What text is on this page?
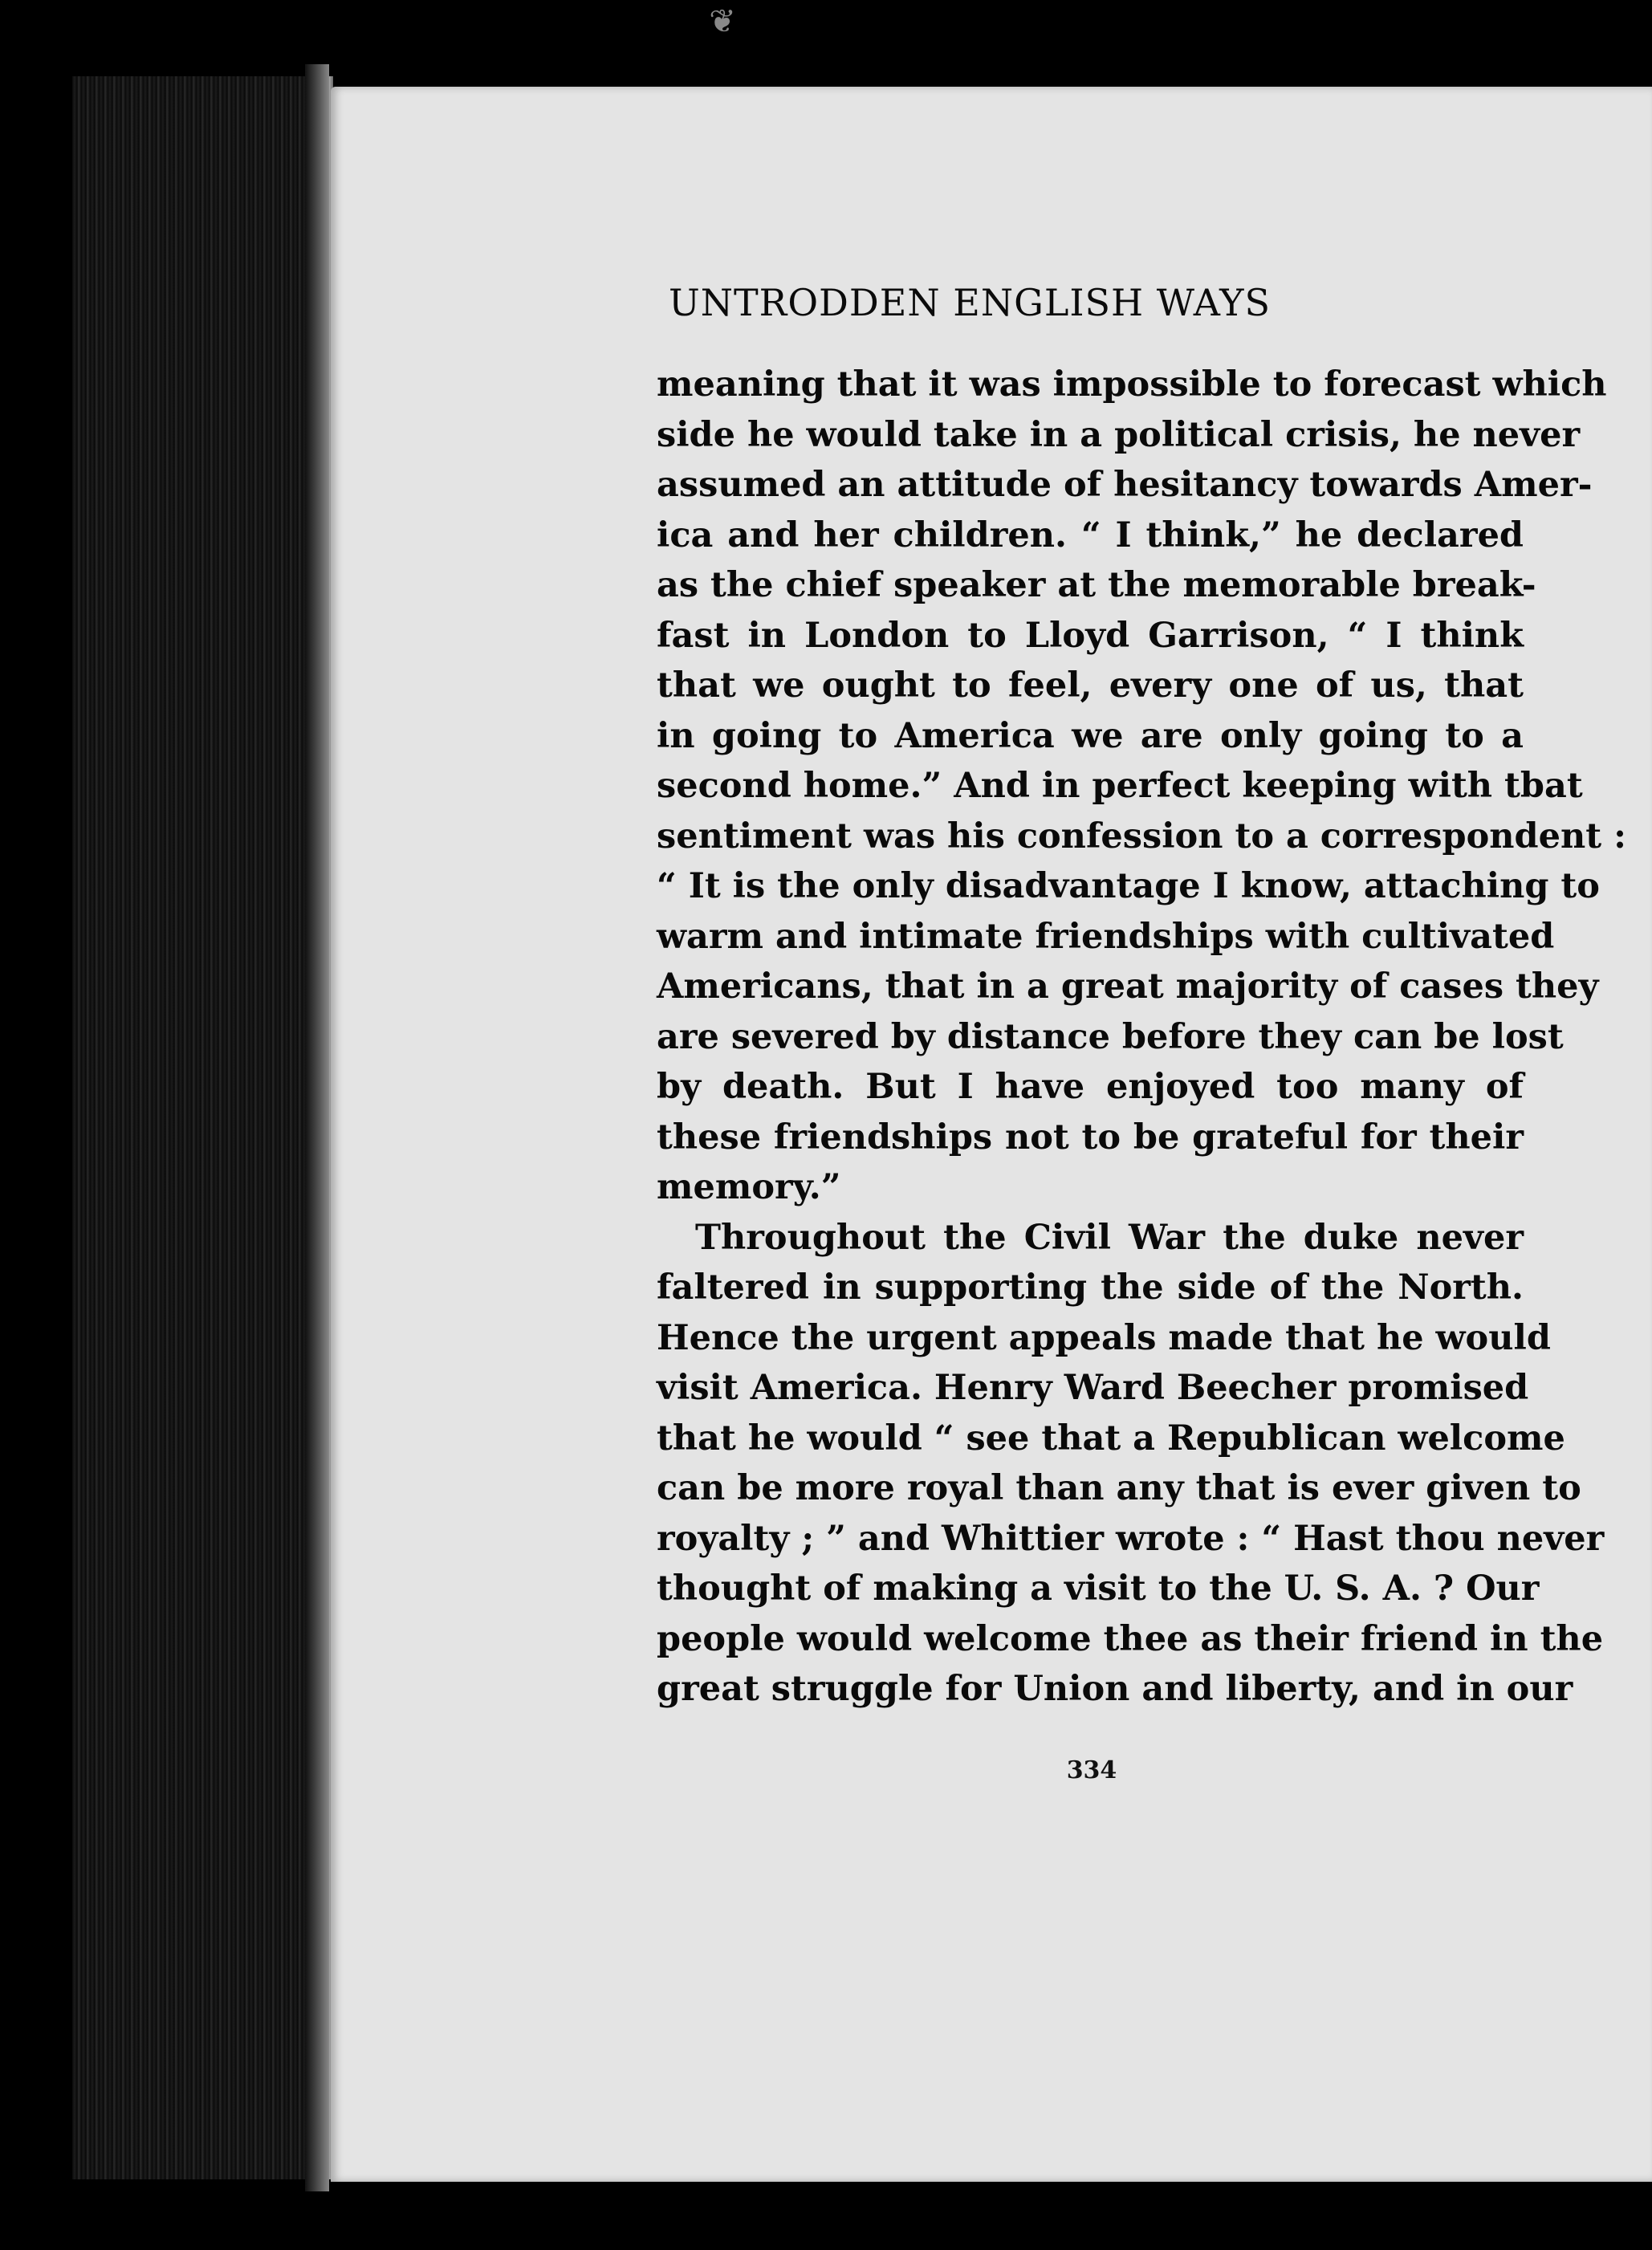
❦
UNTRODDEN ENGLISH WAYS
meaning that it was impossible to forecast which
side he would take in a political crisis, he never
assumed an attitude of hesitancy towards Amer-
ica and her children. “ I think,” he declared
as the chief speaker at the memorable break-
fast in London to Lloyd Garrison, “ I think
that we ought to feel, every one of us, that
in going to America we are only going to a
second home.” And in perfect keeping with tbat
sentiment was his confession to a correspondent :
“ It is the only disadvantage I know, attaching to
warm and intimate friendships with cultivated
Americans, that in a great majority of cases they
are severed by distance before they can be lost
by death. But I have enjoyed too many of
these friendships not to be grateful for their
memory.”
Throughout the Civil War the duke never
faltered in supporting the side of the North.
Hence the urgent appeals made that he would
visit America. Henry Ward Beecher promised
that he would “ see that a Republican welcome
can be more royal than any that is ever given to
royalty ; ” and Whittier wrote : “ Hast thou never
thought of making a visit to the U. S. A. ? Our
people would welcome thee as their friend in the
great struggle for Union and liberty, and in our
334
